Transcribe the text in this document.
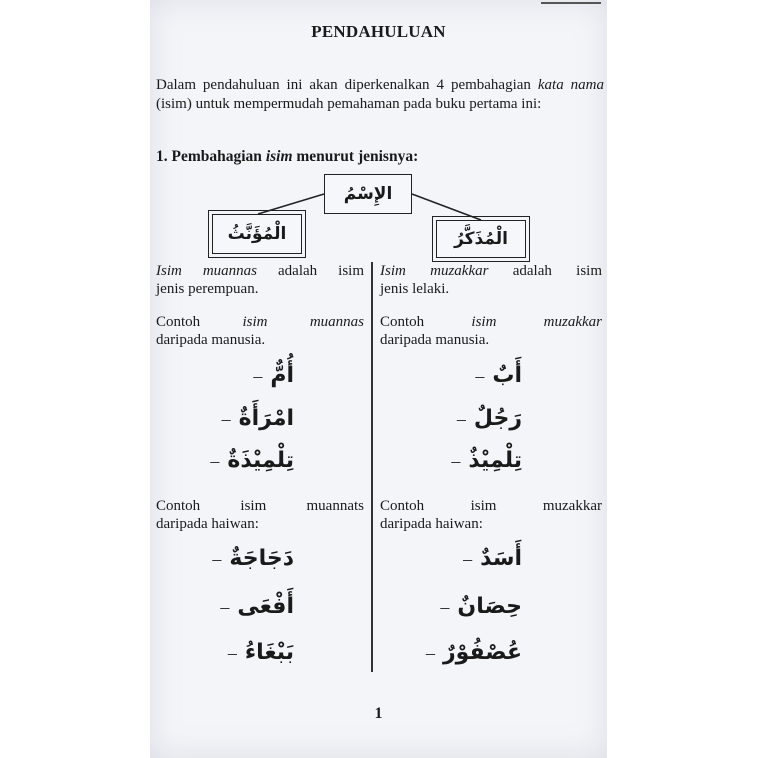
PENDAHULUAN
Dalam pendahuluan ini akan diperkenalkan 4 pembahagian kata nama (isim) untuk mempermudah pemahaman pada buku pertama ini:
1. Pembahagian isim menurut jenisnya:
الإِسْمُ
الْمُؤَنَّثُ	الْمُذَكَّرُ
Isim muannas adalah isim
jenis perempuan.
Contoh isim muannas
daripada manusia.
أُمٌّ–
امْرَأَةٌ–
تِلْمِيْذَةٌ–
Contoh isim muannats
daripada haiwan:
دَجَاجَةٌ–
أَفْعَى–
بَبْغَاءُ–
Isim muzakkar adalah isim
jenis lelaki.
Contoh isim muzakkar
daripada manusia.
أَبٌ–
رَجُلٌ–
تِلْمِيْذٌ–
Contoh isim muzakkar
daripada haiwan:
أَسَدٌ–
حِصَانٌ–
عُصْفُوْرٌ–
1
